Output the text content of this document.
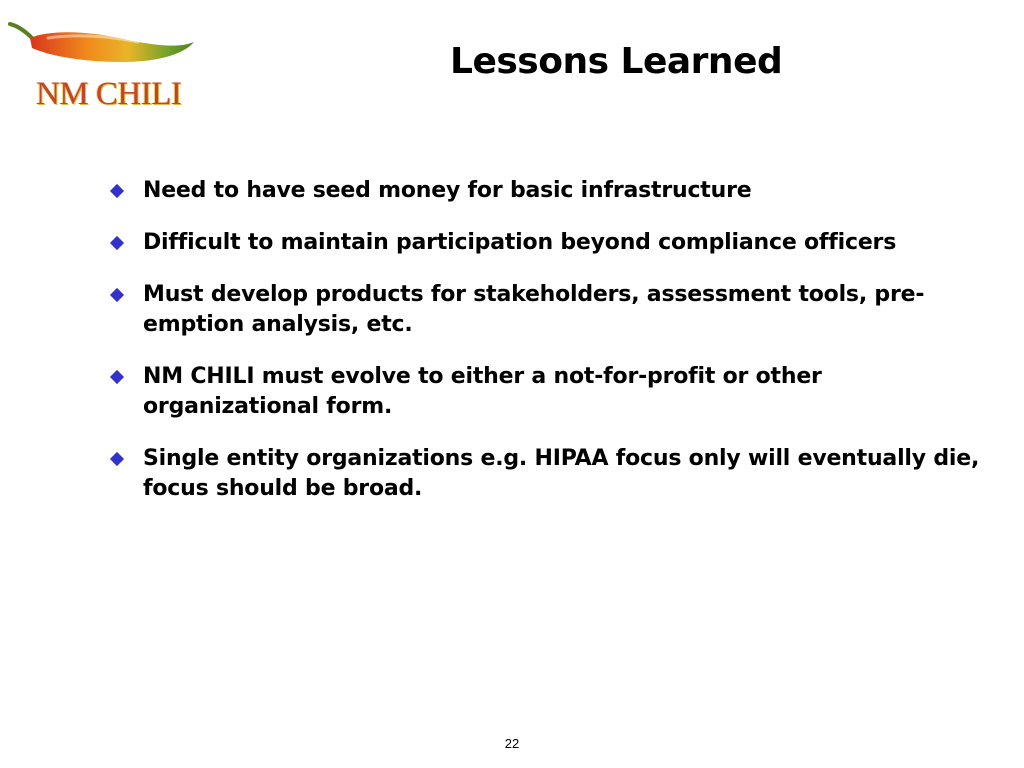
NM CHILI
Lessons Learned
Need to have seed money for basic infrastructure
Difficult to maintain participation beyond compliance officers
Must develop products for stakeholders, assessment tools, pre-emption analysis, etc.
NM CHILI must evolve to either a not-for-profit or other organizational form.
Single entity organizations e.g. HIPAA focus only will eventually die, focus should be broad.
22
